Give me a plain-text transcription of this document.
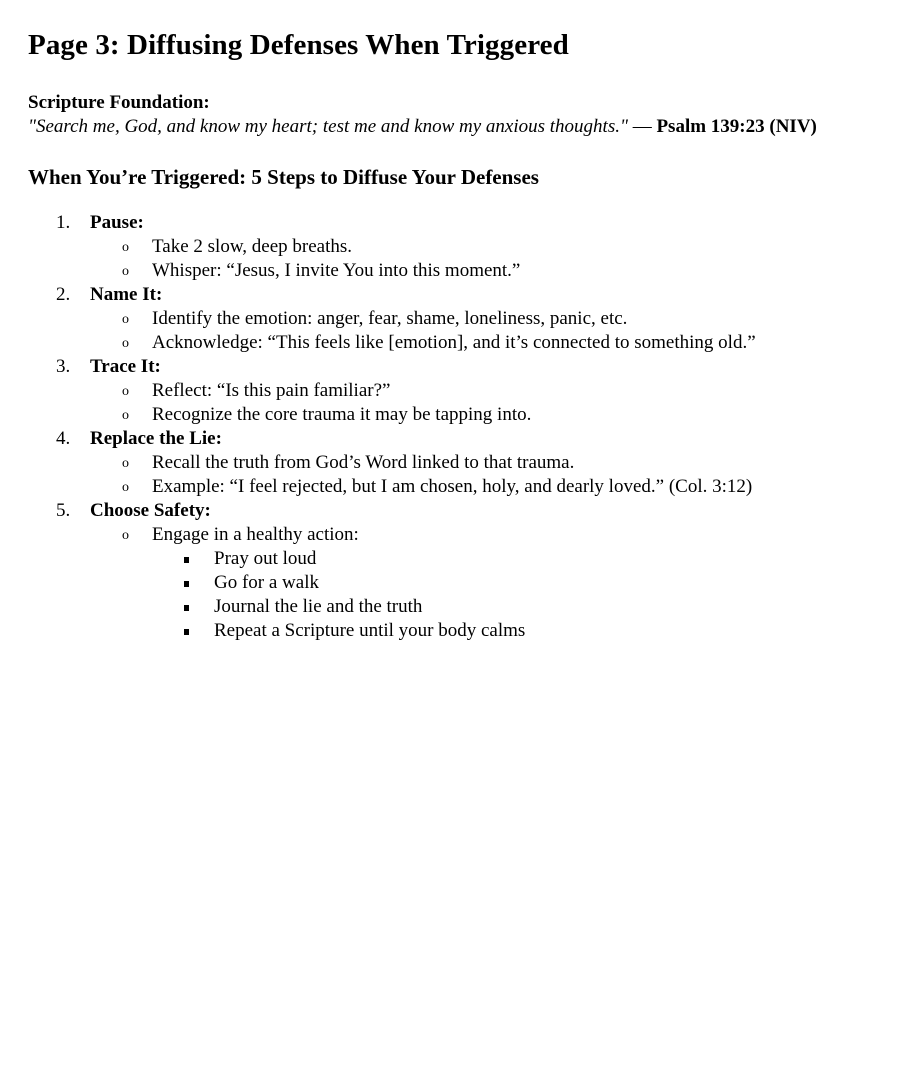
Page 3: Diffusing Defenses When Triggered
Scripture Foundation:
"Search me, God, and know my heart; test me and know my anxious thoughts." — Psalm 139:23 (NIV)
When You’re Triggered: 5 Steps to Diffuse Your Defenses
1. Pause:
o Take 2 slow, deep breaths.
o Whisper: “Jesus, I invite You into this moment.”
2. Name It:
o Identify the emotion: anger, fear, shame, loneliness, panic, etc.
o Acknowledge: “This feels like [emotion], and it’s connected to something old.”
3. Trace It:
o Reflect: “Is this pain familiar?”
o Recognize the core trauma it may be tapping into.
4. Replace the Lie:
o Recall the truth from God’s Word linked to that trauma.
o Example: “I feel rejected, but I am chosen, holy, and dearly loved.” (Col. 3:12)
5. Choose Safety:
o Engage in a healthy action:
Pray out loud
Go for a walk
Journal the lie and the truth
Repeat a Scripture until your body calms
